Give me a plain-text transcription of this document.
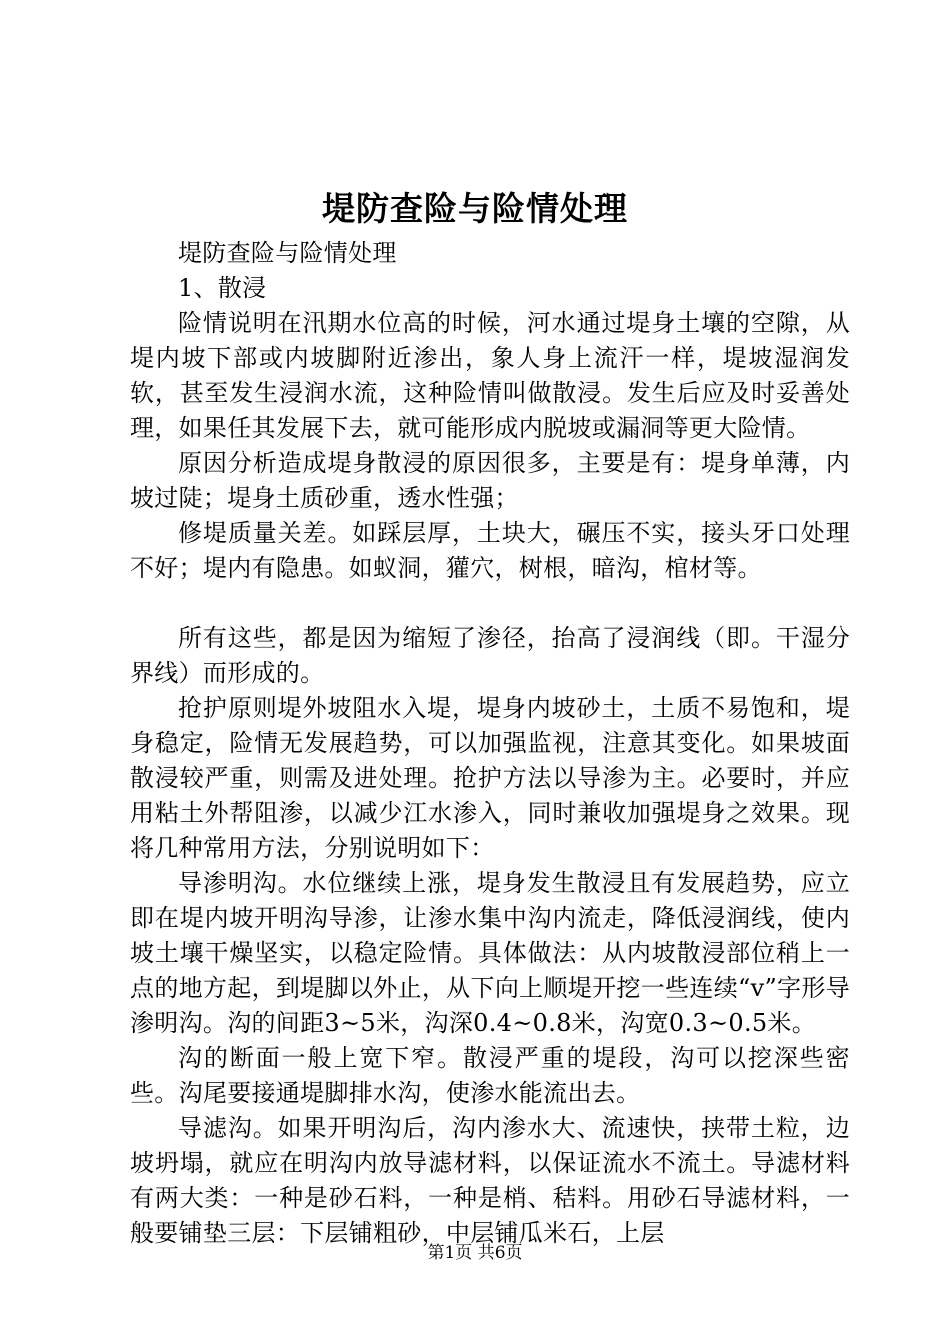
堤防查险与险情处理

堤防查险与险情处理

1、散浸

险情说明在汛期水位高的时候，河水通过堤身土壤的空隙，从堤内坡下部或内坡脚附近渗出，象人身上流汗一样，堤坡湿润发软，甚至发生浸润水流，这种险情叫做散浸。发生后应及时妥善处理，如果任其发展下去，就可能形成内脱坡或漏洞等更大险情。

原因分析造成堤身散浸的原因很多，主要是有：堤身单薄，内坡过陡；堤身土质砂重，透水性强；

修堤质量关差。如踩层厚，土块大，碾压不实，接头牙口处理不好；堤内有隐患。如蚁洞，獾穴，树根，暗沟，棺材等。

所有这些，都是因为缩短了渗径，抬高了浸润线（即。干湿分界线）而形成的。

抢护原则堤外坡阻水入堤，堤身内坡砂土，土质不易饱和，堤身稳定，险情无发展趋势，可以加强监视，注意其变化。如果坡面散浸较严重，则需及进处理。抢护方法以导渗为主。必要时，并应用粘土外帮阻渗，以减少江水渗入，同时兼收加强堤身之效果。现将几种常用方法，分别说明如下：

导渗明沟。水位继续上涨，堤身发生散浸且有发展趋势，应立即在堤内坡开明沟导渗，让渗水集中沟内流走，降低浸润线，使内坡土壤干燥坚实，以稳定险情。具体做法：从内坡散浸部位稍上一点的地方起，到堤脚以外止，从下向上顺堤开挖一些连续“v”字形导渗明沟。沟的间距3~5米，沟深0.4~0.8米，沟宽0.3~0.5米。

沟的断面一般上宽下窄。散浸严重的堤段，沟可以挖深些密些。沟尾要接通堤脚排水沟，使渗水能流出去。

导滤沟。如果开明沟后，沟内渗水大、流速快，挟带土粒，边坡坍塌，就应在明沟内放导滤材料，以保证流水不流土。导滤材料有两大类：一种是砂石料，一种是梢、秸料。用砂石导滤材料，一般要铺垫三层：下层铺粗砂，中层铺瓜米石，上层

第1页 共6页
